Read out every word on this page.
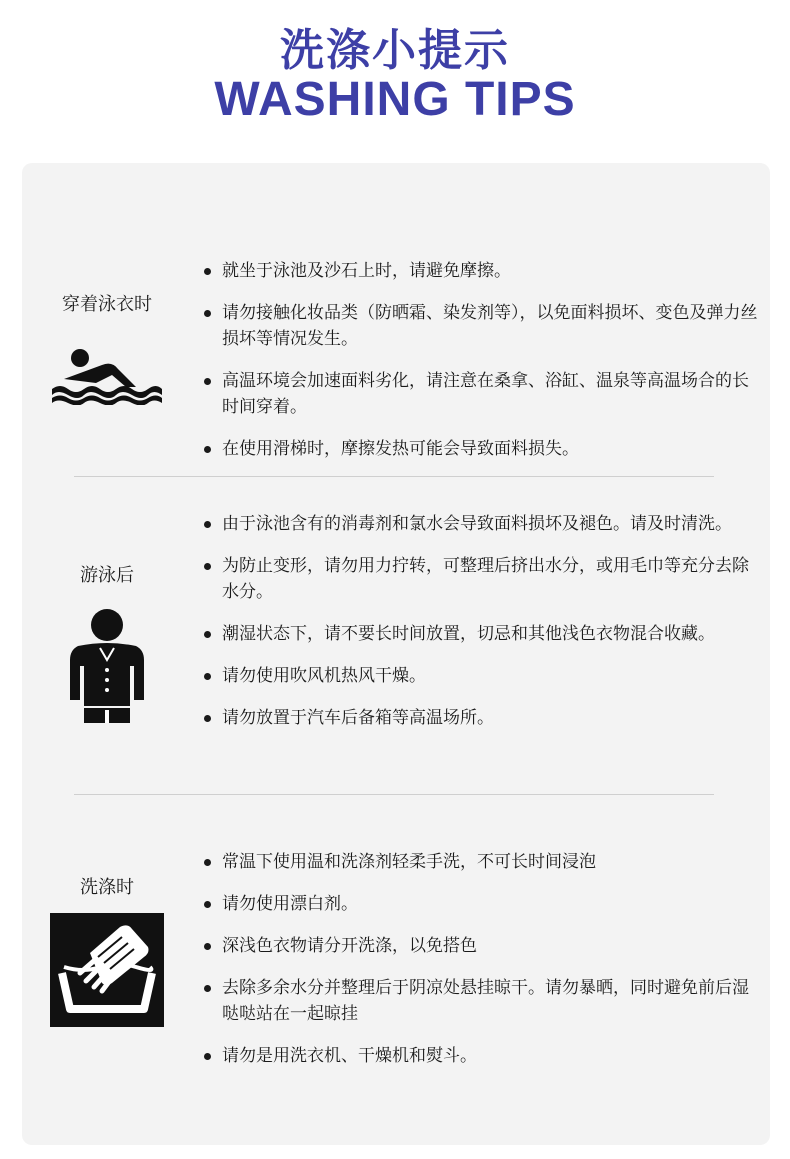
洗涤小提示
WASHING TIPS
穿着泳衣时
就坐于泳池及沙石上时，请避免摩擦。
请勿接触化妆品类（防晒霜、染发剂等），以免面料损坏、变色及弹力丝损坏等情况发生。
高温环境会加速面料劣化，请注意在桑拿、浴缸、温泉等高温场合的长时间穿着。
在使用滑梯时，摩擦发热可能会导致面料损失。
游泳后
由于泳池含有的消毒剂和氯水会导致面料损坏及褪色。请及时清洗。
为防止变形，请勿用力拧转，可整理后挤出水分，或用毛巾等充分去除水分。
潮湿状态下，请不要长时间放置，切忌和其他浅色衣物混合收藏。
请勿使用吹风机热风干燥。
请勿放置于汽车后备箱等高温场所。
洗涤时
常温下使用温和洗涤剂轻柔手洗，不可长时间浸泡
请勿使用漂白剂。
深浅色衣物请分开洗涤，以免搭色
去除多余水分并整理后于阴凉处悬挂晾干。请勿暴晒，同时避免前后湿哒哒站在一起晾挂
请勿是用洗衣机、干燥机和熨斗。
